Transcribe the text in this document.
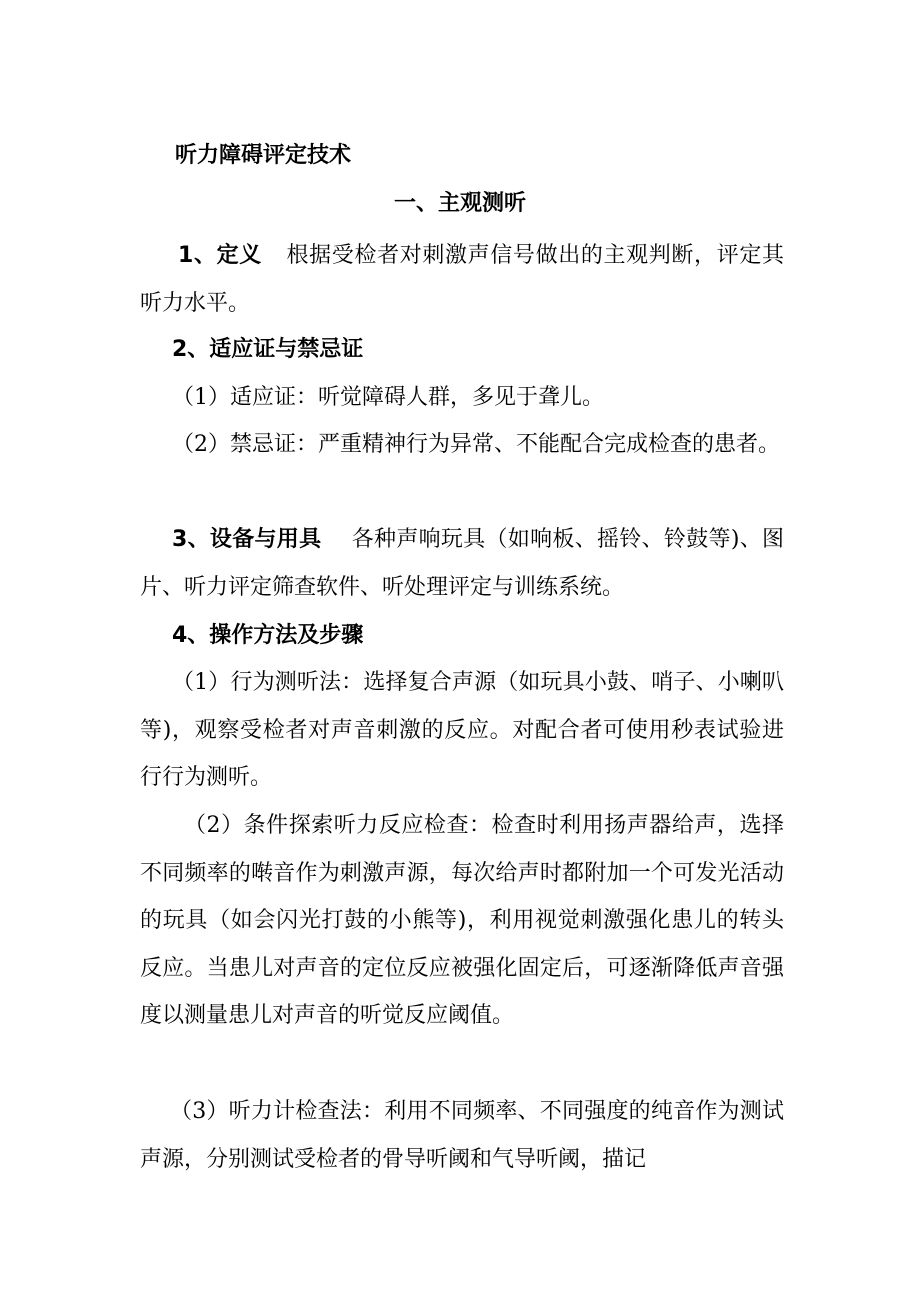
听力障碍评定技术
一、主观测听

1、定义 根据受检者对刺激声信号做出的主观判断，评定其听力水平。

2、适应证与禁忌证

（1）适应证：听觉障碍人群，多见于聋儿。

（2）禁忌证：严重精神行为异常、不能配合完成检查的患者。

3、设备与用具 各种声响玩具（如响板、摇铃、铃鼓等)、图片、听力评定筛查软件、听处理评定与训练系统。

4、操作方法及步骤

（1）行为测听法：选择复合声源（如玩具小鼓、哨子、小喇叭等)，观察受检者对声音刺激的反应。对配合者可使用秒表试验进行行为测听。

（2）条件探索听力反应检查：检查时利用扬声器给声，选择不同频率的啭音作为刺激声源，每次给声时都附加一个可发光活动的玩具（如会闪光打鼓的小熊等)，利用视觉刺激强化患儿的转头反应。当患儿对声音的定位反应被强化固定后，可逐渐降低声音强度以测量患儿对声音的听觉反应阈值。

（3）听力计检查法：利用不同频率、不同强度的纯音作为测试声源，分别测试受检者的骨导听阈和气导听阈，描记
